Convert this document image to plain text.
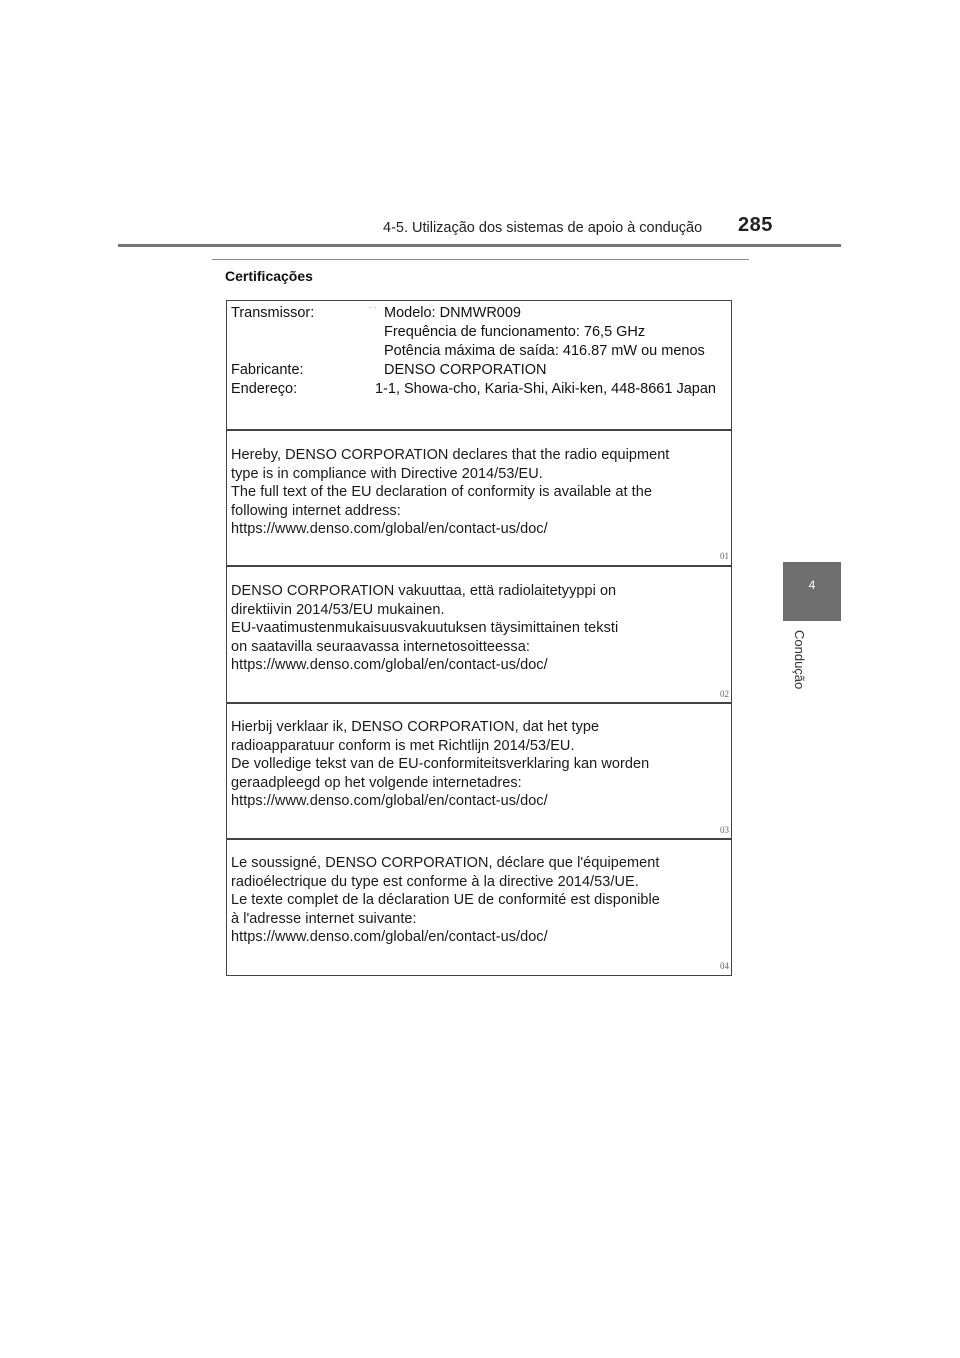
4-5. Utilização dos sistemas de apoio à condução 285
4
Condução
Certificações
ˉ ˉ
Transmissor:	Modelo: DNMWR009
Frequência de funcionamento: 76,5 GHz
Potência máxima de saída: 416.87 mW ou menos
Fabricante:	DENSO CORPORATION
Endereço:	1-1, Showa-cho, Karia-Shi, Aiki-ken, 448-8661 Japan
Hereby, DENSO CORPORATION declares that the radio equipment
type is in compliance with Directive 2014/53/EU.
The full text of the EU declaration of conformity is available at the
following internet address:
https://www.denso.com/global/en/contact-us/doc/
01
DENSO CORPORATION vakuuttaa, että radiolaitetyyppi on
direktiivin 2014/53/EU mukainen.
EU-vaatimustenmukaisuusvakuutuksen täysimittainen teksti
on saatavilla seuraavassa internetosoitteessa:
https://www.denso.com/global/en/contact-us/doc/
02
Hierbij verklaar ik, DENSO CORPORATION, dat het type
radioapparatuur conform is met Richtlijn 2014/53/EU.
De volledige tekst van de EU-conformiteitsverklaring kan worden
geraadpleegd op het volgende internetadres:
https://www.denso.com/global/en/contact-us/doc/
03
Le soussigné, DENSO CORPORATION, déclare que l'équipement
radioélectrique du type est conforme à la directive 2014/53/UE.
Le texte complet de la déclaration UE de conformité est disponible
à l'adresse internet suivante:
https://www.denso.com/global/en/contact-us/doc/
04
